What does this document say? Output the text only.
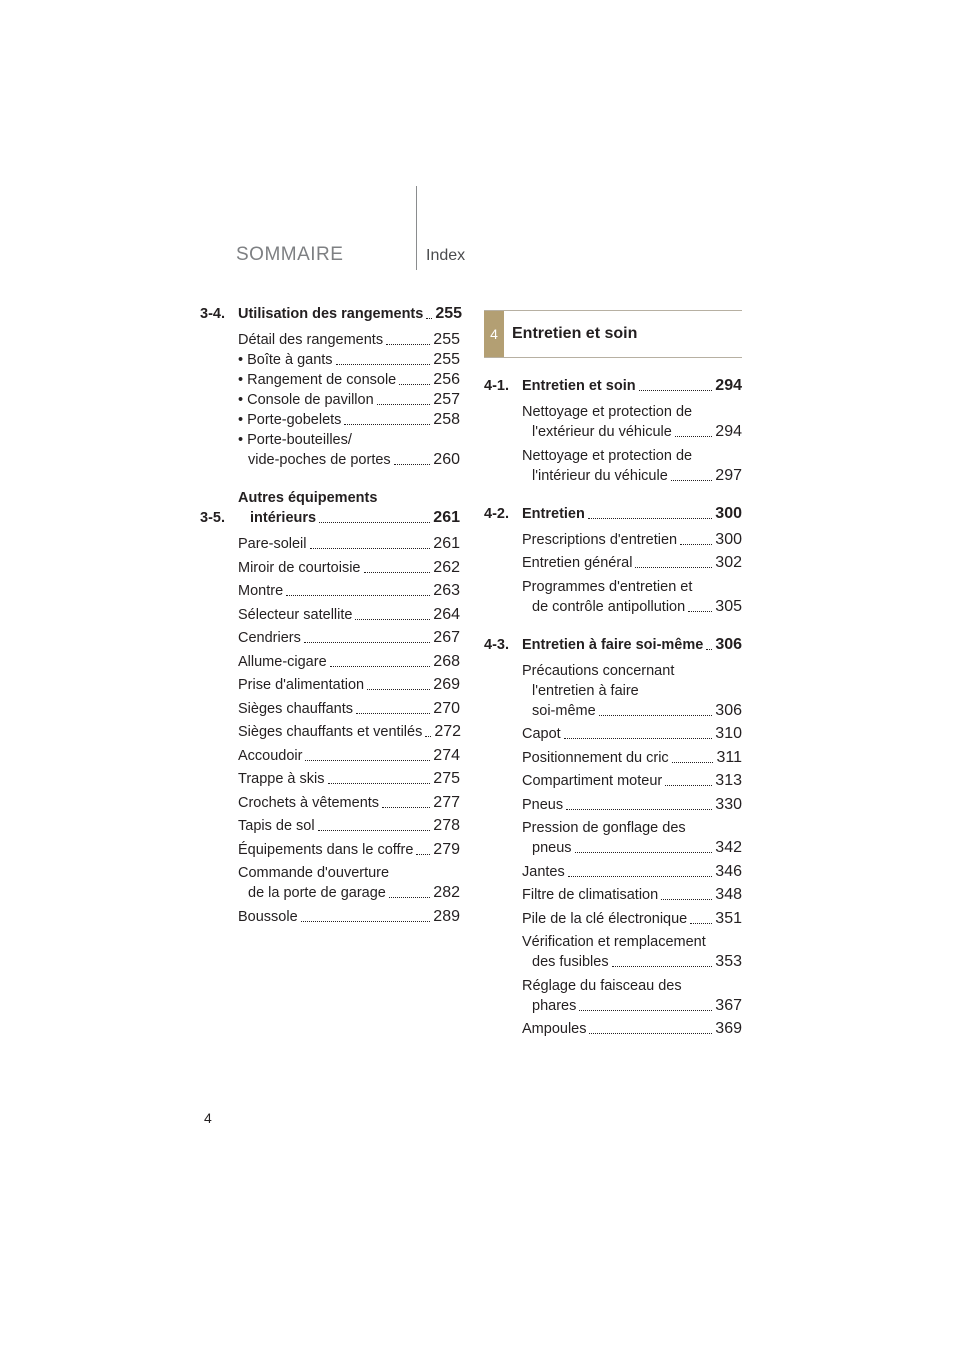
SOMMAIRE	Index
3-4. Utilisation des rangements 255
Détail des rangements	255
• Boîte à gants	255
• Rangement de console 256
• Console de pavillon	257
• Porte-gobelets	258
• Porte-bouteilles/
vide-poches de portes	260
3-5.
Autres équipements
intérieurs	261
Pare-soleil	261
Miroir de courtoisie	262
Montre	263
Sélecteur satellite	264
Cendriers	267
Allume-cigare	268
Prise d'alimentation	269
Sièges chauffants	270
Sièges chauffants et ventilés 272
Accoudoir	274
Trappe à skis	275
Crochets à vêtements	277
Tapis de sol	278
Équipements dans le coffre 279
Commande d'ouverture
de la porte de garage	282
Boussole	289
4 Entretien et soin
4-1. Entretien et soin	294
Nettoyage et protection de
l'extérieur du véhicule	294
Nettoyage et protection de
l'intérieur du véhicule	297
4-2. Entretien	300
Prescriptions d'entretien 300
Entretien général	302
Programmes d'entretien et
de contrôle antipollution 305
4-3. Entretien à faire soi-même 306
Précautions concernant
l'entretien à faire
soi-même	306
Capot	310
Positionnement du cric	311
Compartiment moteur	313
Pneus	330
Pression de gonflage des
pneus	342
Jantes	346
Filtre de climatisation	348
Pile de la clé électronique 351
Vérification et remplacement
des fusibles	353
Réglage du faisceau des
phares	367
Ampoules	369
4
